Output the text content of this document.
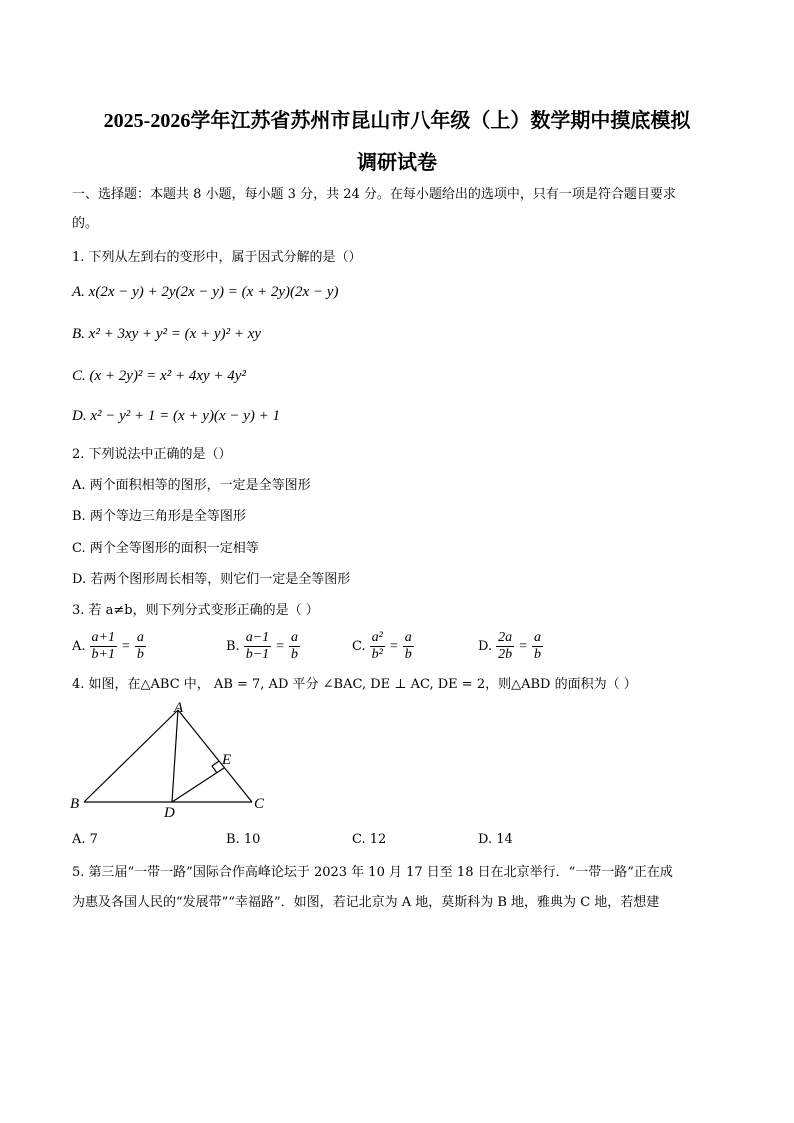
2025-2026学年江苏省苏州市昆山市八年级（上）数学期中摸底模拟
调研试卷
一、选择题：本题共 8 小题，每小题 3 分，共 24 分。在每小题给出的选项中，只有一项是符合题目要求
的。
1. 下列从左到右的变形中，属于因式分解的是（）
A. x(2x − y) + 2y(2x − y) = (x + 2y)(2x − y)
B. x² + 3xy + y² = (x + y)² + xy
C. (x + 2y)² = x² + 4xy + 4y²
D. x² − y² + 1 = (x + y)(x − y) + 1
2. 下列说法中正确的是（）
A. 两个面积相等的图形，一定是全等图形
B. 两个等边三角形是全等图形
C. 两个全等图形的面积一定相等
D. 若两个图形周长相等，则它们一定是全等图形
3. 若 a≠b，则下列分式变形正确的是（ ）
A. $\frac{a+1}{b+1} = \frac{a}{b}$	B. $\frac{a-1}{b-1} = \frac{a}{b}$	C. $\frac{\text{a²}}{\text{b²}} = \frac{a}{b}$	D. $\frac{2a}{2b} = \frac{a}{b}$
4. 如图，在△ABC 中， AB = 7, AD 平分 ∠BAC, DE ⊥ AC, DE = 2，则△ABD 的面积为（ ）
A
B	C
D
E
A. 7	B. 10	C. 12	D. 14
5. 第三届“一带一路”国际合作高峰论坛于 2023 年 10 月 17 日至 18 日在北京举行．“一带一路”正在成
为惠及各国人民的“发展带”“幸福路”．如图，若记北京为 A 地，莫斯科为 B 地，雅典为 C 地，若想建
